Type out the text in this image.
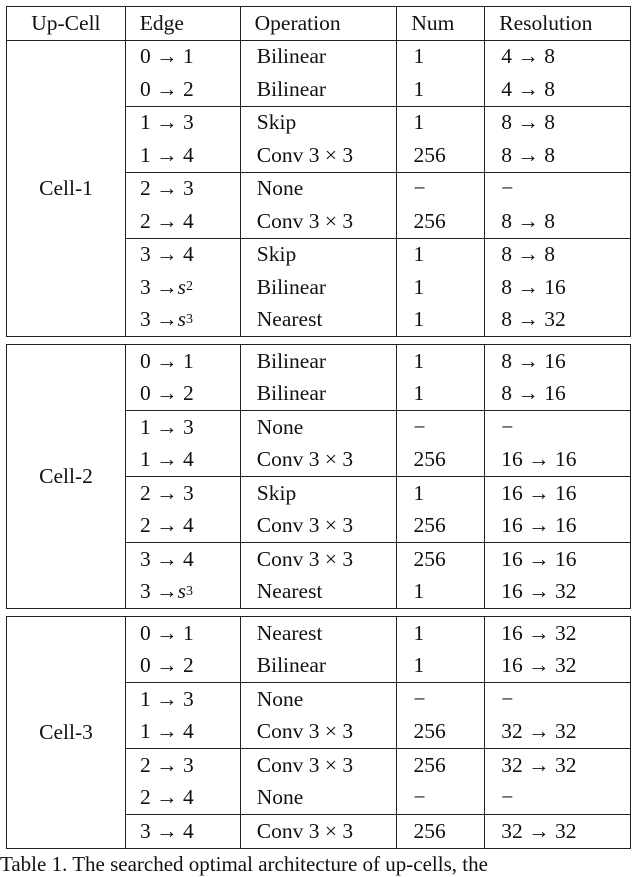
Up-Cell	Edge	Operation	Num	Resolution
Cell-1
0 → 1	Bilinear	1	4 → 8
0 → 2	Bilinear	1	4 → 8
1 → 3	Skip	1	8 → 8
1 → 4	Conv 3 × 3	256	8 → 8
2 → 3	None	−	−
2 → 4	Conv 3 × 3	256	8 → 8
3 → 4	Skip	1	8 → 8
3 → s 2	Bilinear	1	8 → 16
3 → s 3	Nearest	1	8 → 32
Cell-2
0 → 1	Bilinear	1	8 → 16
0 → 2	Bilinear	1	8 → 16
1 → 3	None	−	−
1 → 4	Conv 3 × 3	256	16 → 16
2 → 3	Skip	1	16 → 16
2 → 4	Conv 3 × 3	256	16 → 16
3 → 4	Conv 3 × 3	256	16 → 16
3 → s 3	Nearest	1	16 → 32
Cell-3
0 → 1	Nearest	1	16 → 32
0 → 2	Bilinear	1	16 → 32
1 → 3	None	−	−
1 → 4	Conv 3 × 3	256	32 → 32
2 → 3	Conv 3 × 3	256	32 → 32
2 → 4	None	−	−
3 → 4	Conv 3 × 3	256	32 → 32
Table 1. The searched optimal architecture of up-cells, the
